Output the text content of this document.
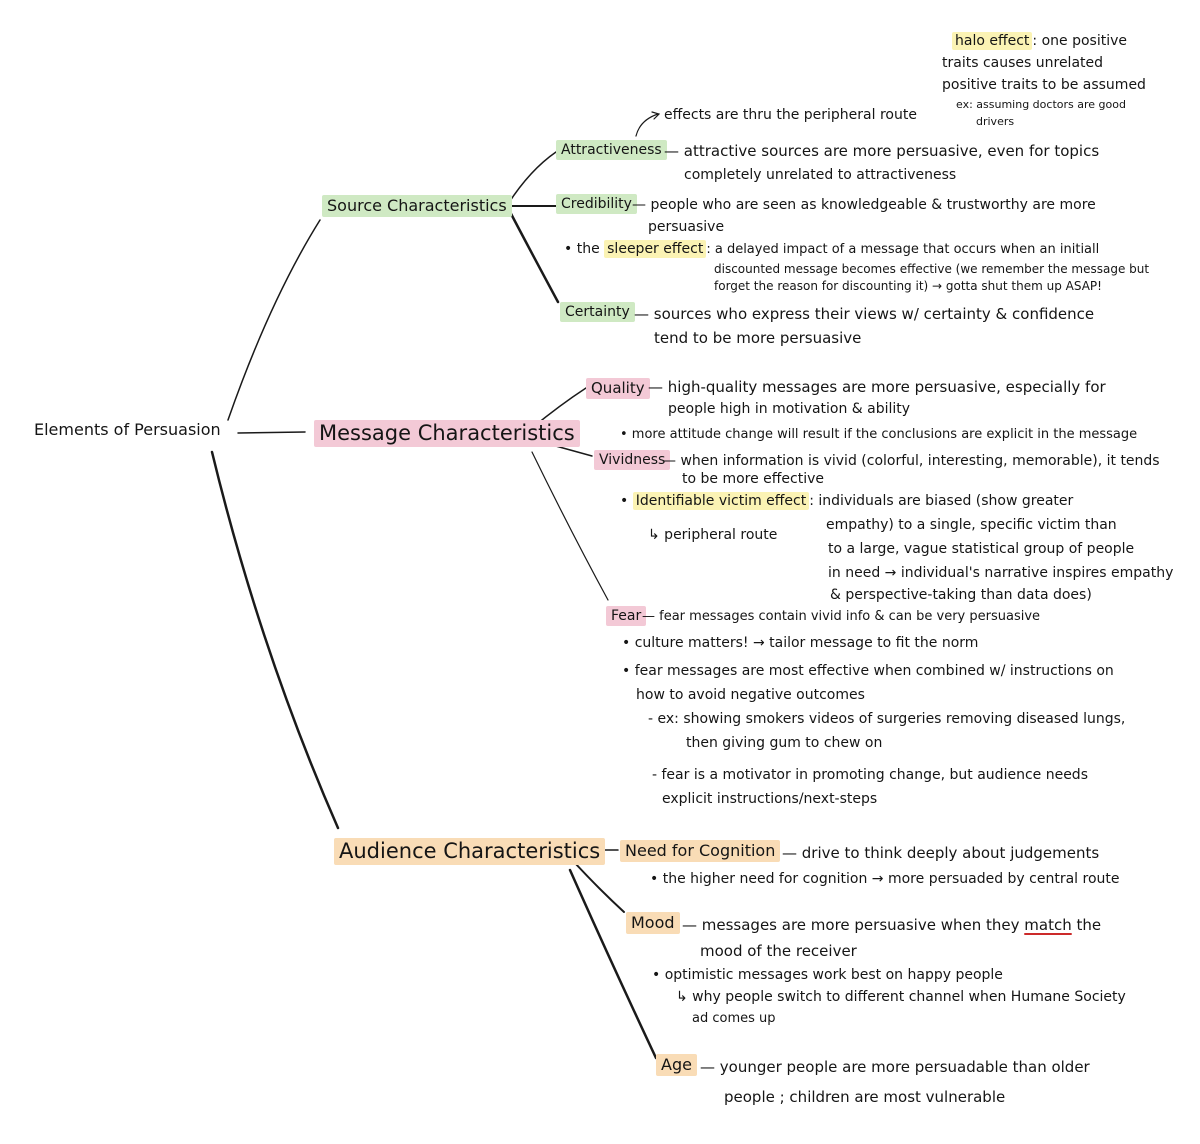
Elements of Persuasion
Source Characteristics
Message Characteristics
Audience Characteristics
halo effect : one positive
traits causes unrelated
positive traits to be assumed
ex: assuming doctors are good
drivers
effects are thru the peripheral route
Attractiveness — attractive sources are more persuasive, even for topics
completely unrelated to attractiveness
Credibility — people who are seen as knowledgeable & trustworthy are more
persuasive
• the sleeper effect : a delayed impact of a message that occurs when an initiall
discounted message becomes effective (we remember the message but
forget the reason for discounting it) → gotta shut them up ASAP!
Certainty — sources who express their views w/ certainty & confidence
tend to be more persuasive
Quality — high-quality messages are more persuasive, especially for
people high in motivation & ability
• more attitude change will result if the conclusions are explicit in the message
Vividness
— when information is vivid (colorful, interesting, memorable), it tends
to be more effective
• Identifiable victim effect : individuals are biased (show greater
empathy) to a single, specific victim than
to a large, vague statistical group of people
in need → individual's narrative inspires empathy
& perspective-taking than data does)
↳ peripheral route
Fear — fear messages contain vivid info & can be very persuasive
• culture matters! → tailor message to fit the norm
• fear messages are most effective when combined w/ instructions on
how to avoid negative outcomes
- ex: showing smokers videos of surgeries removing diseased lungs,
then giving gum to chew on
- fear is a motivator in promoting change, but audience needs
explicit instructions/next-steps
Need for Cognition — drive to think deeply about judgements
• the higher need for cognition → more persuaded by central route
Mood — messages are more persuasive when they match the
mood of the receiver
• optimistic messages work best on happy people
↳ why people switch to different channel when Humane Society
ad comes up
Age — younger people are more persuadable than older
people ; children are most vulnerable
